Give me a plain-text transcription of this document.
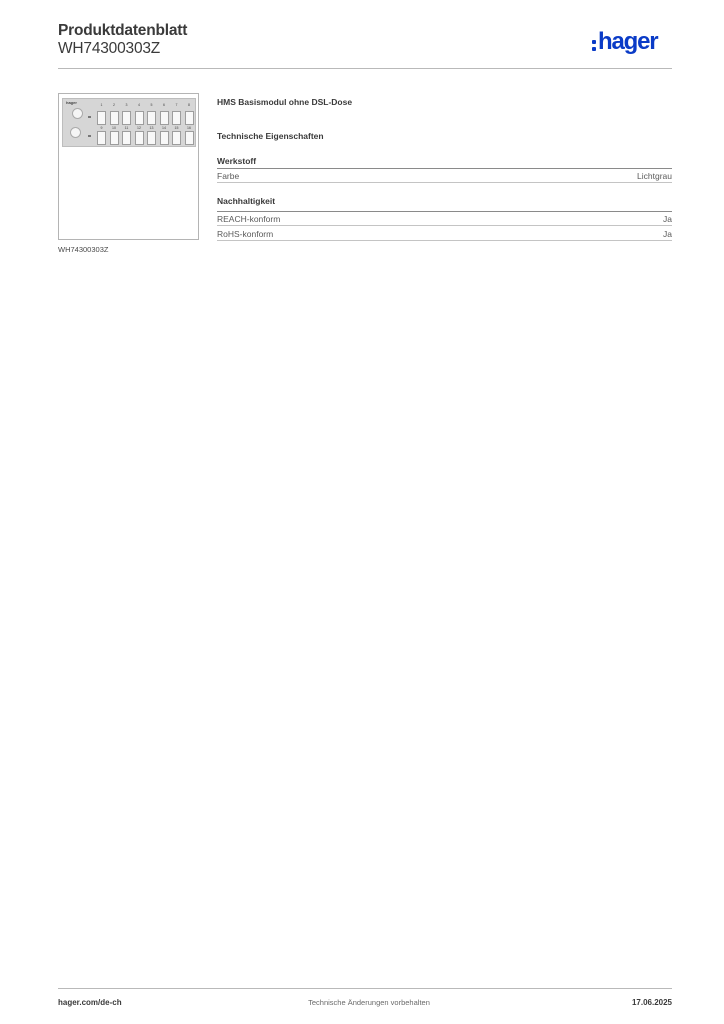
Produktdatenblatt
WH74300303Z	hager
hager	1	2	3	4	5	6	7	8
9	10	11	12	13	14	15	16
WH74300303Z
HMS Basismodul ohne DSL-Dose
Technische Eigenschaften
Werkstoff
Farbe	Lichtgrau
Nachhaltigkeit
REACH-konform	Ja
RoHS-konform	Ja
hager.com/de-ch	Technische Änderungen vorbehalten	17.06.2025
